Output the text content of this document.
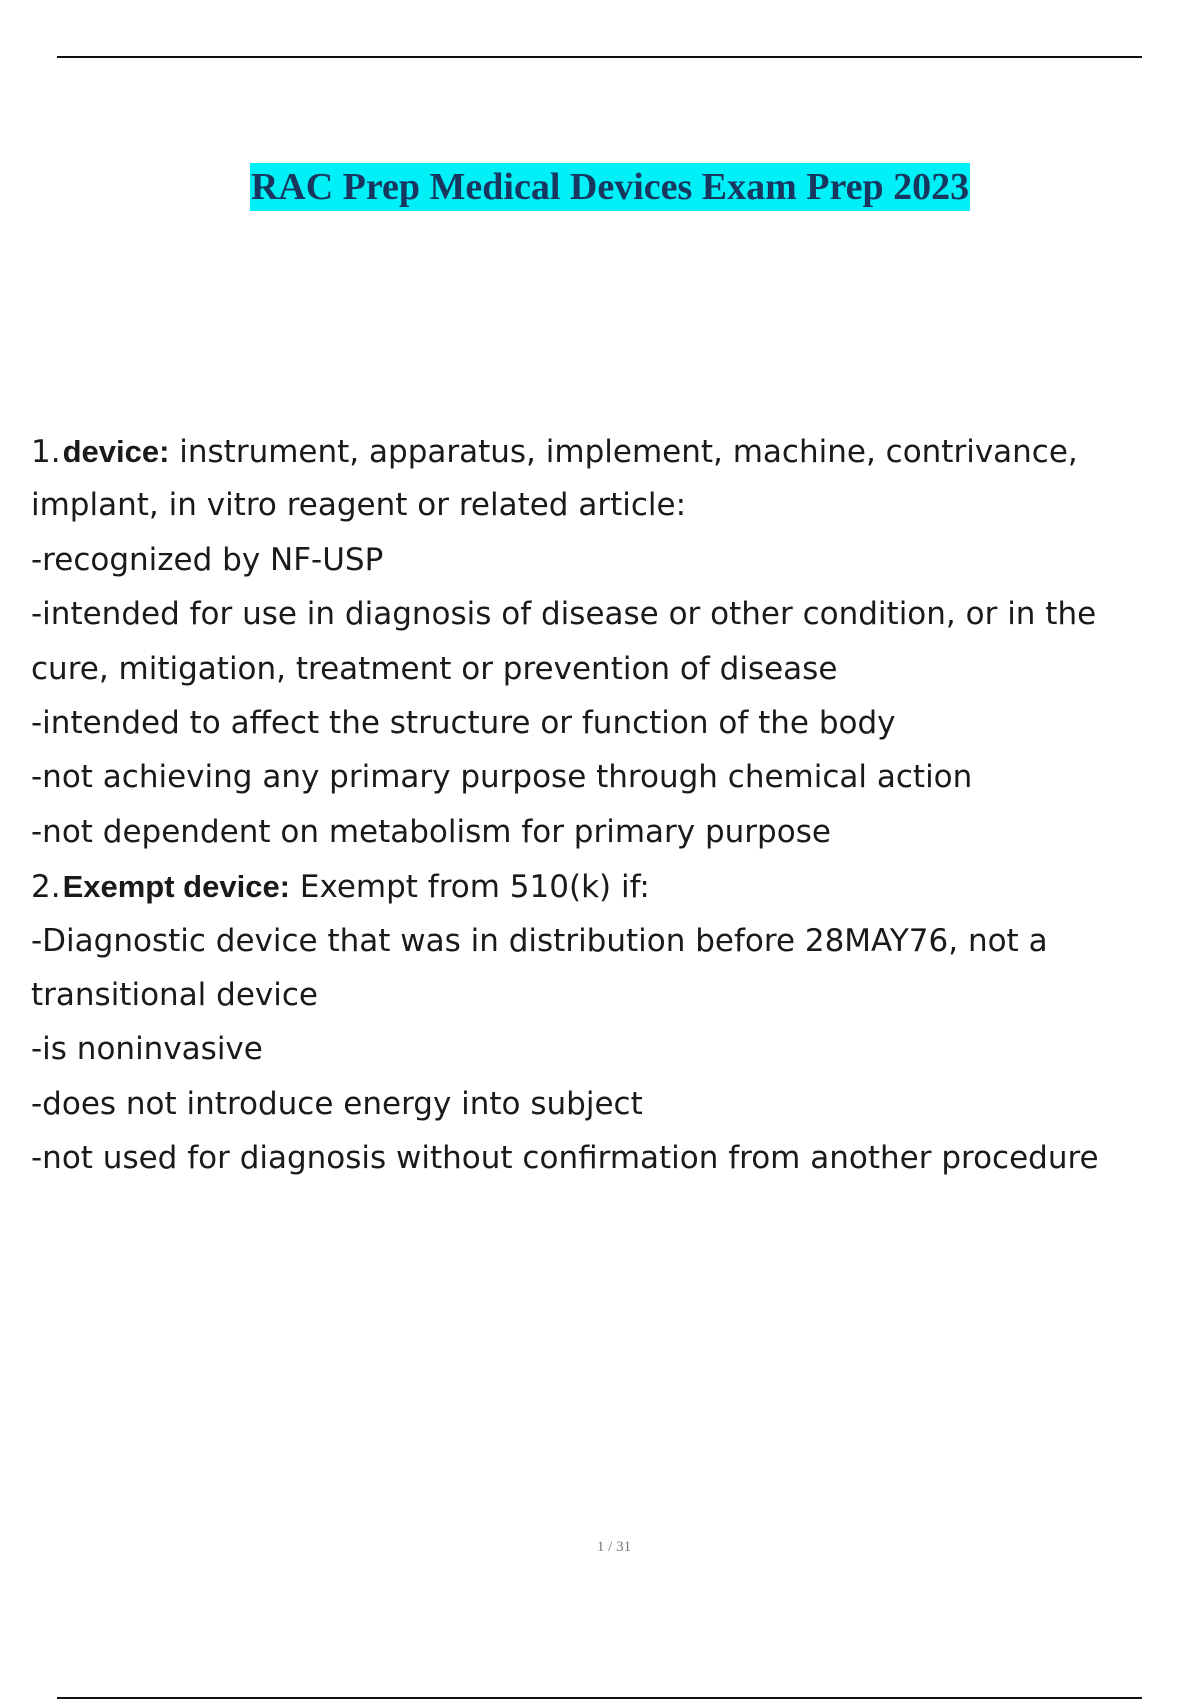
RAC Prep Medical Devices Exam Prep 2023
1.device: instrument, apparatus, implement, machine, contrivance,
implant, in vitro reagent or related article:
-recognized by NF-USP
-intended for use in diagnosis of disease or other condition, or in the
cure, mitigation, treatment or prevention of disease
-intended to affect the structure or function of the body
-not achieving any primary purpose through chemical action
-not dependent on metabolism for primary purpose
2.Exempt device: Exempt from 510(k) if:
-Diagnostic device that was in distribution before 28MAY76, not a
transitional device
-is noninvasive
-does not introduce energy into subject
-not used for diagnosis without confirmation from another procedure
1 / 31
